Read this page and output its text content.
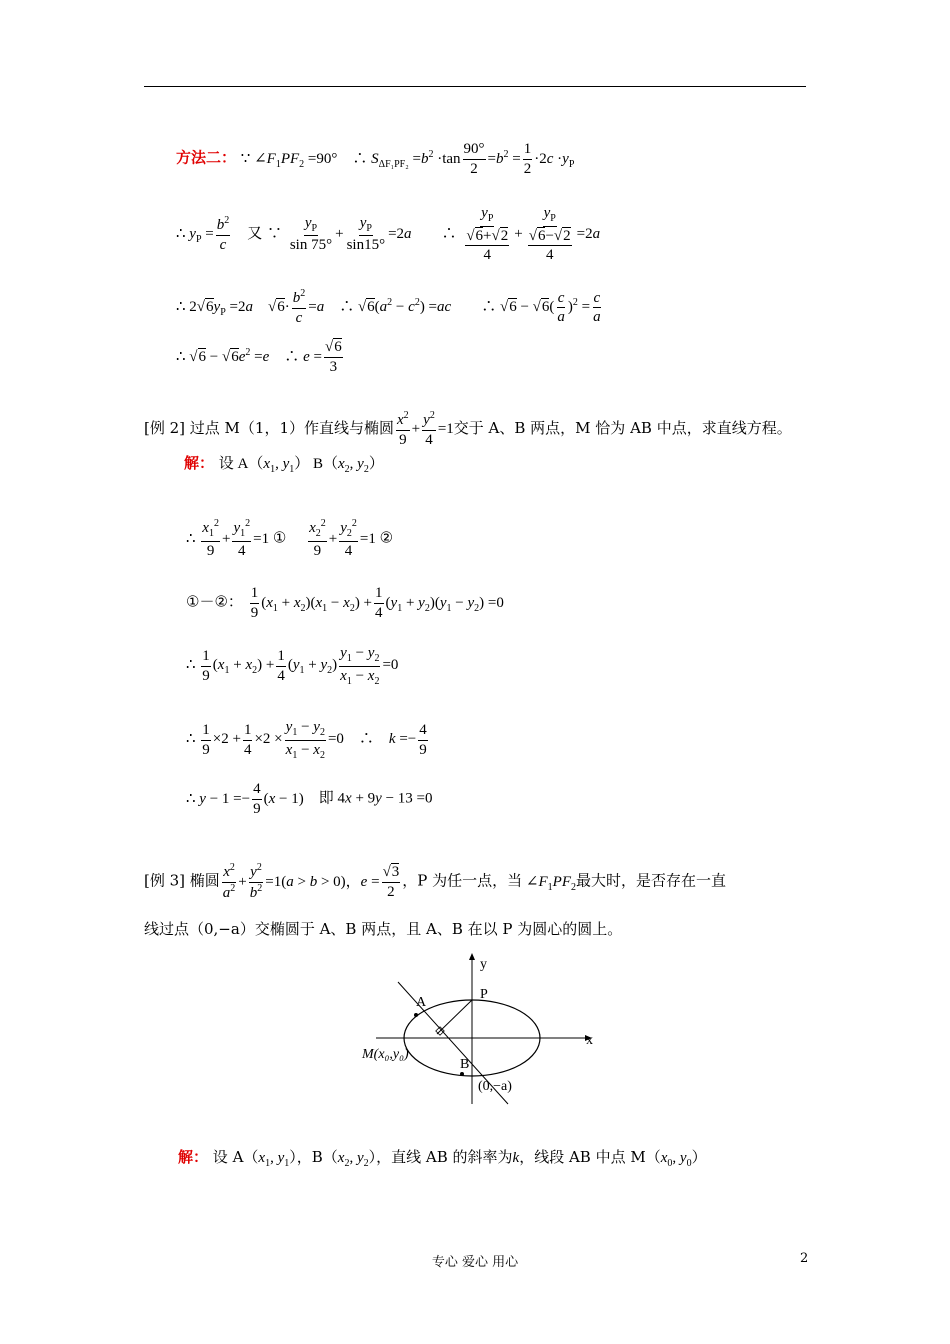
方法二： ∵ $\angle F_1PF_2 =90^\circ$　∴ $S_{\Delta F_1PF_2} =b^2 \cdot\tan \frac{90^\circ}{2} =b^2 = \frac{1}{2} \cdot 2c \cdot y_P$
∴ $y_P = \frac{b^2}{c}$
　 又 ∵ $\frac{y_P}{\sin 75^\circ} + \frac{y_P}{\sin 15^\circ} =2a$　　∴ $\frac{y_P}{\frac{√6+√2}{4}} + \frac{y_P}{\frac{√6-√2}{4}} =2a$
∴ $2√6y_P =2a$　$√6\cdot \frac{b^2}{c} =a$　∴ $√6(a^2 - c^2) =ac$　　∴ $√6 - √6( \frac{c}{a} )^2 = \frac{c}{a}$
∴ $√6 - √6e^2 =e$　∴ $e = \frac{√6}{3}$
[例 2] 过点 M（1，1）作直线与椭圆 $\frac{x^2}{9} + \frac{y^2}{4} =1$交于 A、B 两点，M 恰为 AB 中点，求直线方程。
解： 设 $A(x_1$, $y_1$） $B(x_2$, $y_2$）
∴ $\frac{x_1^2}{9} + \frac{y_1^2}{4} =1$ ① 　 $\frac{x_2^2}{9} + \frac{y_2^2}{4} =1$ ②
①－②： $\frac{1}{9} (x_1 + x_2)(x_1 - x_2) + \frac{1}{4} (y_1 + y_2)(y_1 - y_2) =0$
∴ $\frac{1}{9} (x_1 + x_2) + \frac{1}{4} (y_1 + y_2) \frac{y_1 - y_2}{x_1 - x_2} =0$
∴ $\frac{1}{9} \times 2 + \frac{1}{4} \times 2 \times \frac{y_1 - y_2}{x_1 - x_2} =0$　∴　$k =- \frac{4}{9}$
∴ $y - 1 =- \frac{4}{9} (x - 1)$　即 4x + 9y − 13 =0
[例 3] 椭圆 $\frac{x^2}{a^2} + \frac{y^2}{b^2} =1(a > b > 0)$，$e = \frac{√3}{2}$ ，P 为任一点，当 $\angle F_1PF_2$最大时，是否存在一直
线过点（0,−a）交椭圆于 A、B 两点，且 A、B 在以 P 为圆心的圆上。
A
P
B
x
y
M(x₀,y₀)
(0,−a)
解： 设 $A(x_1$, $y_1$），$B(x_2$, $y_2$），直线 AB 的斜率为k，线段 AB 中点 $M(x_0$, $y_0$）
专心 爱心 用心	2
